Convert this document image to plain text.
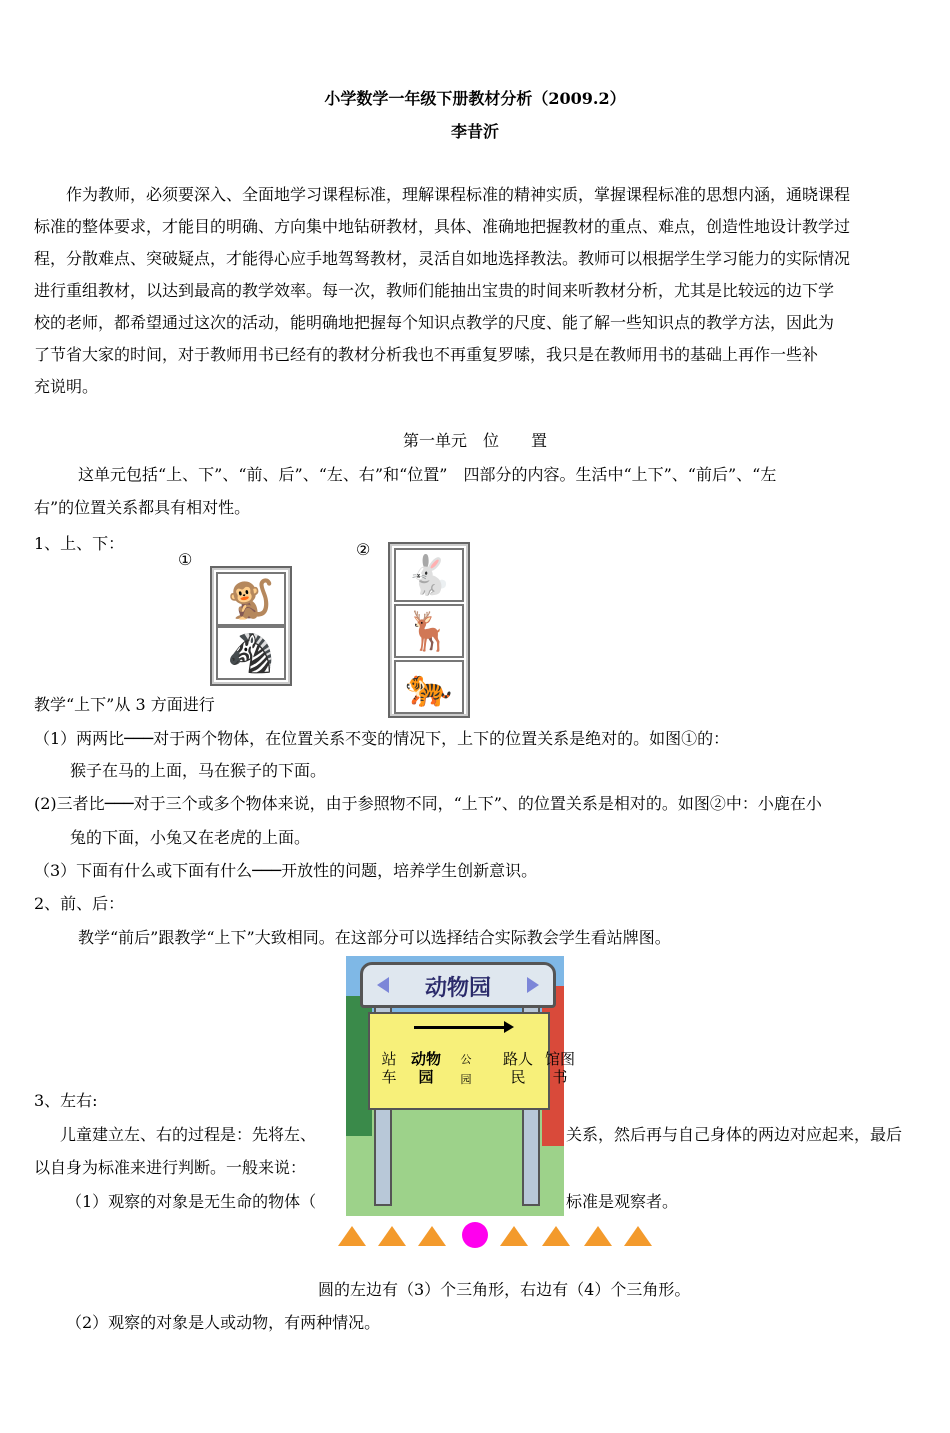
小学数学一年级下册教材分析（2009.2）
李昔沂
作为教师，必须要深入、全面地学习课程标准，理解课程标准的精神实质，掌握课程标准的思想内涵，通晓课程
标准的整体要求，才能目的明确、方向集中地钻研教材，具体、准确地把握教材的重点、难点，创造性地设计教学过
程，分散难点、突破疑点，才能得心应手地驾驽教材，灵活自如地选择教法。教师可以根据学生学习能力的实际情况
进行重组教材，以达到最高的教学效率。每一次，教师们能抽出宝贵的时间来听教材分析，尤其是比较远的边下学
校的老师，都希望通过这次的活动，能明确地把握每个知识点教学的尺度、能了解一些知识点的教学方法，因此为
了节省大家的时间，对于教师用书已经有的教材分析我也不再重复罗嗦，我只是在教师用书的基础上再作一些补
充说明。
第一单元　位　　置
这单元包括“上、下”、“前、后”、“左、右”和“位置”　四部分的内容。生活中“上下”、“前后”、“左
右”的位置关系都具有相对性。
1、上、下：
①
②
🐒
🦓
🐇
🦌
🐅
教学“上下”从 3 方面进行
（1）两两比───对于两个物体，在位置关系不变的情况下，上下的位置关系是绝对的。如图①的：
猴子在马的上面，马在猴子的下面。
(2)三者比───对于三个或多个物体来说，由于参照物不同，“上下”、的位置关系是相对的。如图②中：小鹿在小
兔的下面，小兔又在老虎的上面。
（3）下面有什么或下面有什么───开放性的问题，培养学生创新意识。
2、前、后：
教学“前后”跟教学“上下”大致相同。在这部分可以选择结合实际教会学生看站牌图。
3、左右:
儿童建立左、右的过程是：先将左、	关系，然后再与自己身体的两边对应起来，最后
以自身为标准来进行判断。一般来说：
（1）观察的对象是无生命的物体（	标准是观察者。
动物园
站 车
动物 园
公 园
路人 民
馆图 书
圆的左边有（3）个三角形，右边有（4）个三角形。
（2）观察的对象是人或动物，有两种情况。
